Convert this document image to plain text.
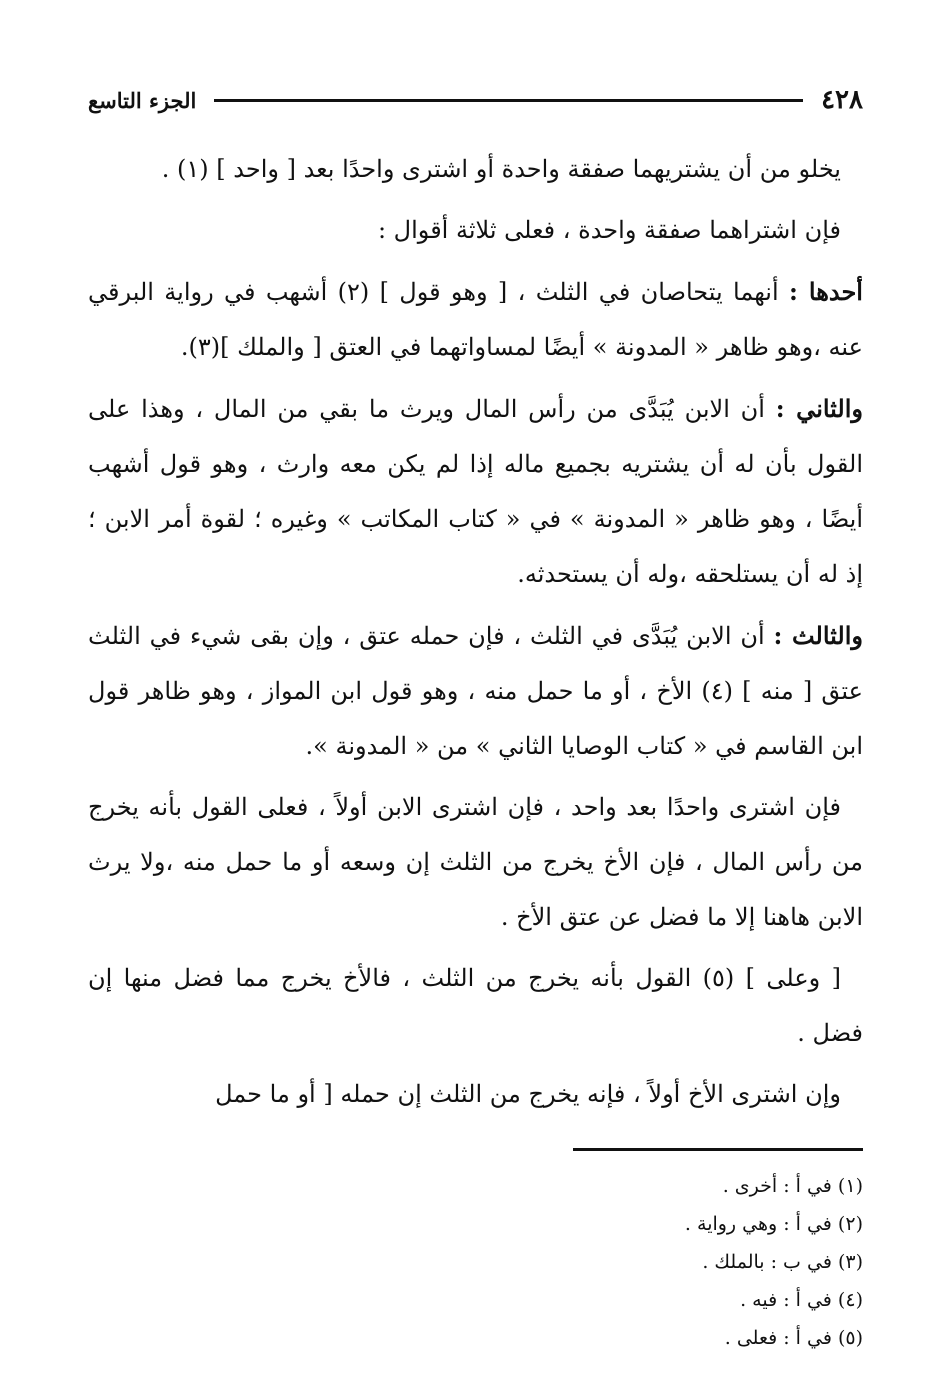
٤٢٨
الجزء التاسع

يخلو من أن يشتريهما صفقة واحدة أو اشترى واحدًا بعد [ واحد ] (١) .

فإن اشتراهما صفقة واحدة ، فعلى ثلاثة أقوال :

أحدها : أنهما يتحاصان في الثلث ، [ وهو قول ] (٢) أشهب في رواية البرقي عنه ،وهو ظاهر « المدونة » أيضًا لمساواتهما في العتق [ والملك ](٣).

والثاني : أن الابن يُبَدَّى من رأس المال ويرث ما بقي من المال ، وهذا على القول بأن له أن يشتريه بجميع ماله إذا لم يكن معه وارث ، وهو قول أشهب أيضًا ، وهو ظاهر « المدونة » في « كتاب المكاتب » وغيره ؛ لقوة أمر الابن ؛ إذ له أن يستلحقه ،وله أن يستحدثه.

والثالث : أن الابن يُبَدَّى في الثلث ، فإن حمله عتق ، وإن بقى شيء في الثلث عتق [ منه ] (٤) الأخ ، أو ما حمل منه ، وهو قول ابن المواز ، وهو ظاهر قول ابن القاسم في « كتاب الوصايا الثاني » من « المدونة ».

فإن اشترى واحدًا بعد واحد ، فإن اشترى الابن أولاً ، فعلى القول بأنه يخرج من رأس المال ، فإن الأخ يخرج من الثلث إن وسعه أو ما حمل منه ،ولا يرث الابن هاهنا إلا ما فضل عن عتق الأخ .

[ وعلى ] (٥) القول بأنه يخرج من الثلث ، فالأخ يخرج مما فضل منها إن فضل .

وإن اشترى الأخ أولاً ، فإنه يخرج من الثلث إن حمله [ أو ما حمل

(١) في أ : أخرى .
(٢) في أ : وهي رواية .
(٣) في ب : بالملك .
(٤) في أ : فيه .
(٥) في أ : فعلى .
